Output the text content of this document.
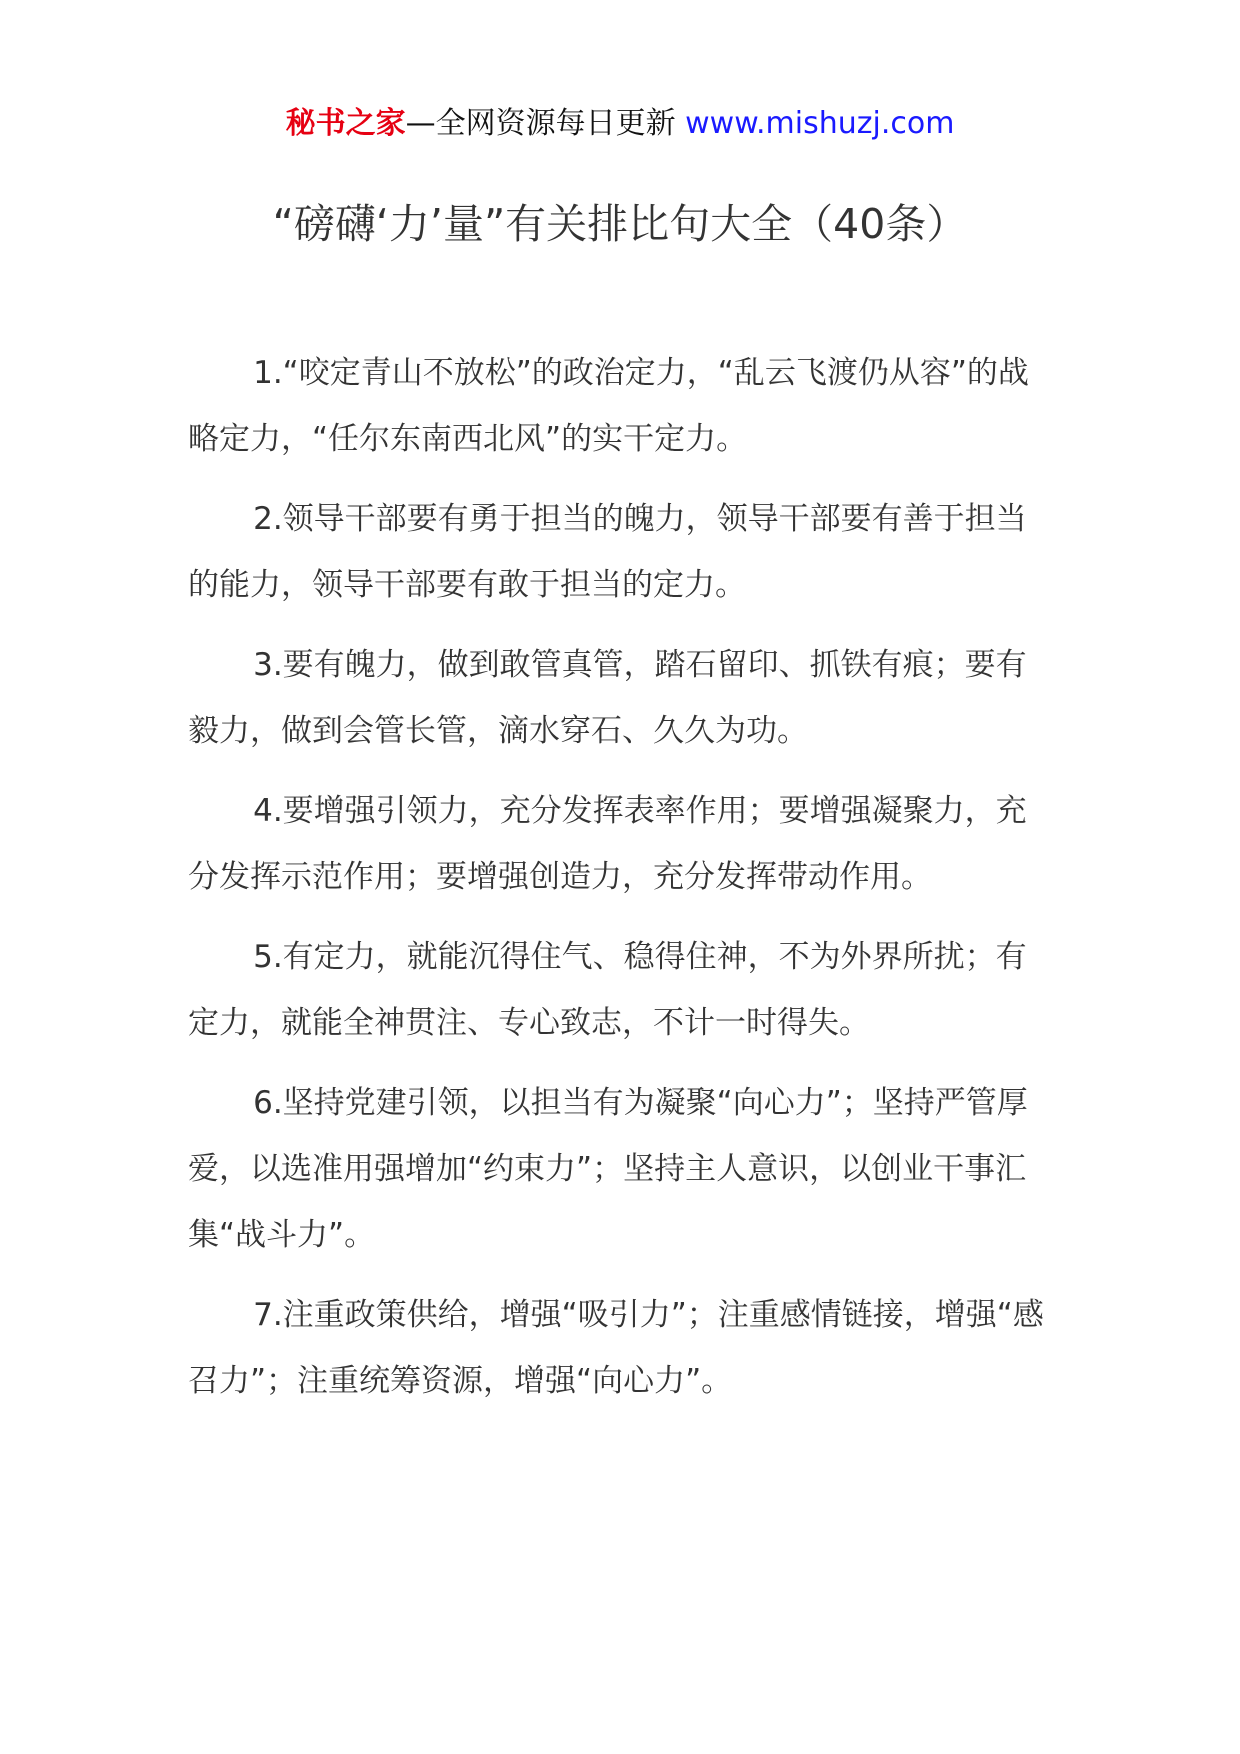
秘书之家—全网资源每日更新 www.mishuzj.com
“磅礴‘力’量”有关排比句大全（40条）

1.“咬定青山不放松”的政治定力，“乱云飞渡仍从容”的战略定力，“任尔东南西北风”的实干定力。

2.领导干部要有勇于担当的魄力，领导干部要有善于担当的能力，领导干部要有敢于担当的定力。

3.要有魄力，做到敢管真管，踏石留印、抓铁有痕；要有毅力，做到会管长管，滴水穿石、久久为功。

4.要增强引领力，充分发挥表率作用；要增强凝聚力，充分发挥示范作用；要增强创造力，充分发挥带动作用。

5.有定力，就能沉得住气、稳得住神，不为外界所扰；有定力，就能全神贯注、专心致志，不计一时得失。

6.坚持党建引领，以担当有为凝聚“向心力”；坚持严管厚爱，以选准用强增加“约束力”；坚持主人意识，以创业干事汇集“战斗力”。

7.注重政策供给，增强“吸引力”；注重感情链接，增强“感召力”；注重统筹资源，增强“向心力”。
